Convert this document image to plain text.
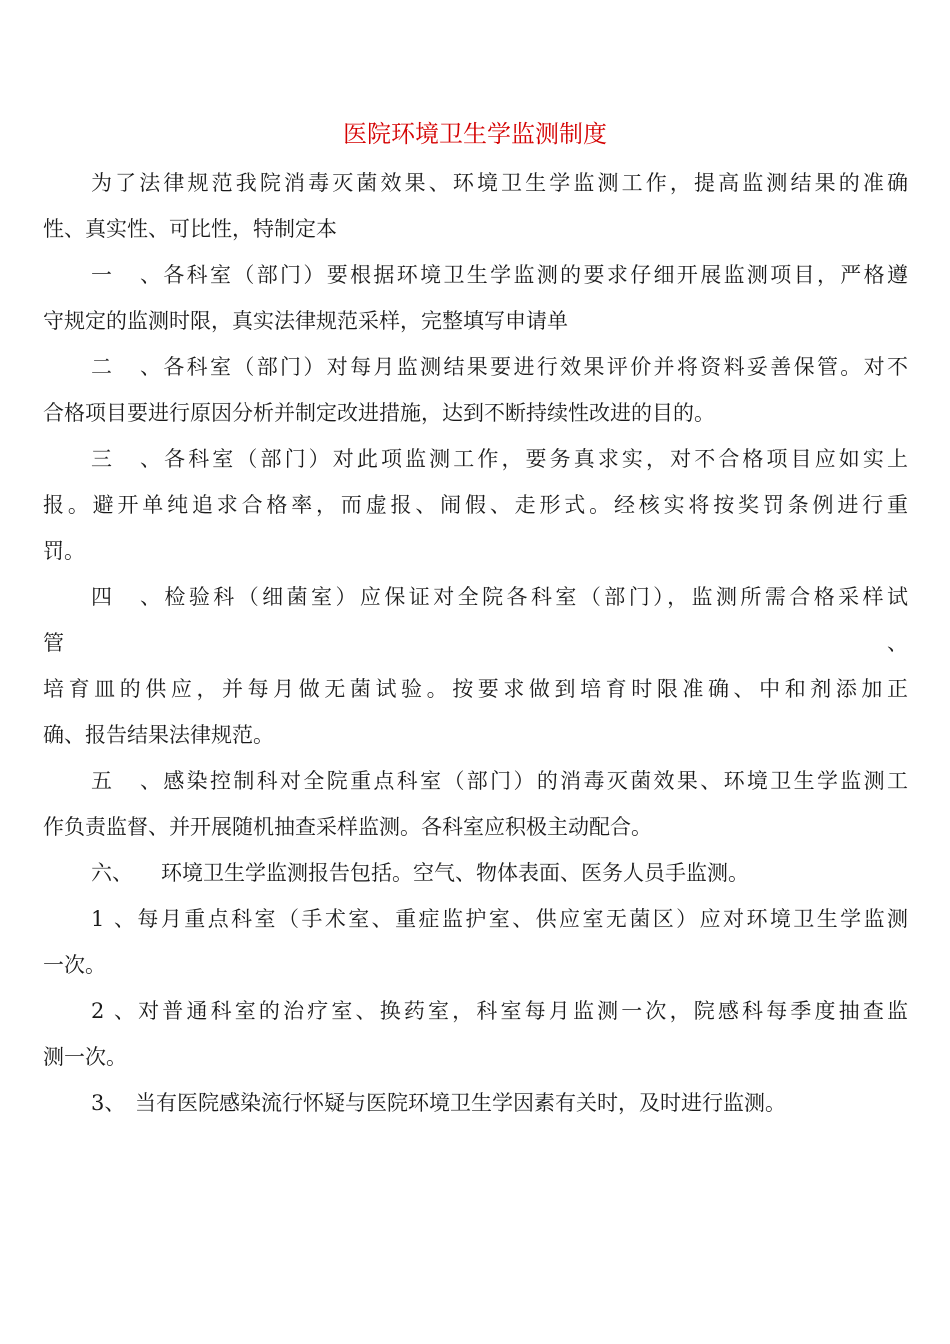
医院环境卫生学监测制度

为了法律规范我院消毒灭菌效果、环境卫生学监测工作，提高监测结果的准确

性、真实性、可比性，特制定本

一、各科室（部门）要根据环境卫生学监测的要求仔细开展监测项目，严格遵

守规定的监测时限，真实法律规范采样，完整填写申请单

二、各科室（部门）对每月监测结果要进行效果评价并将资料妥善保管。对不

合格项目要进行原因分析并制定改进措施，达到不断持续性改进的目的。

三、各科室（部门）对此项监测工作，要务真求实，对不合格项目应如实上

报。避开单纯追求合格率，而虚报、闹假、走形式。经核实将按奖罚条例进行重

罚。

四、检验科（细菌室）应保证对全院各科室（部门），监测所需合格采样试

管	、

培育皿的供应，并每月做无菌试验。按要求做到培育时限准确、中和剂添加正

确、报告结果法律规范。

五、感染控制科对全院重点科室（部门）的消毒灭菌效果、环境卫生学监测工

作负责监督、并开展随机抽查采样监测。各科室应积极主动配合。

六、 环境卫生学监测报告包括。空气、物体表面、医务人员手监测。

1、每月重点科室（手术室、重症监护室、供应室无菌区）应对环境卫生学监测

一次。

2、对普通科室的治疗室、换药室，科室每月监测一次，院感科每季度抽查监

测一次。

3、 当有医院感染流行怀疑与医院环境卫生学因素有关时，及时进行监测。
